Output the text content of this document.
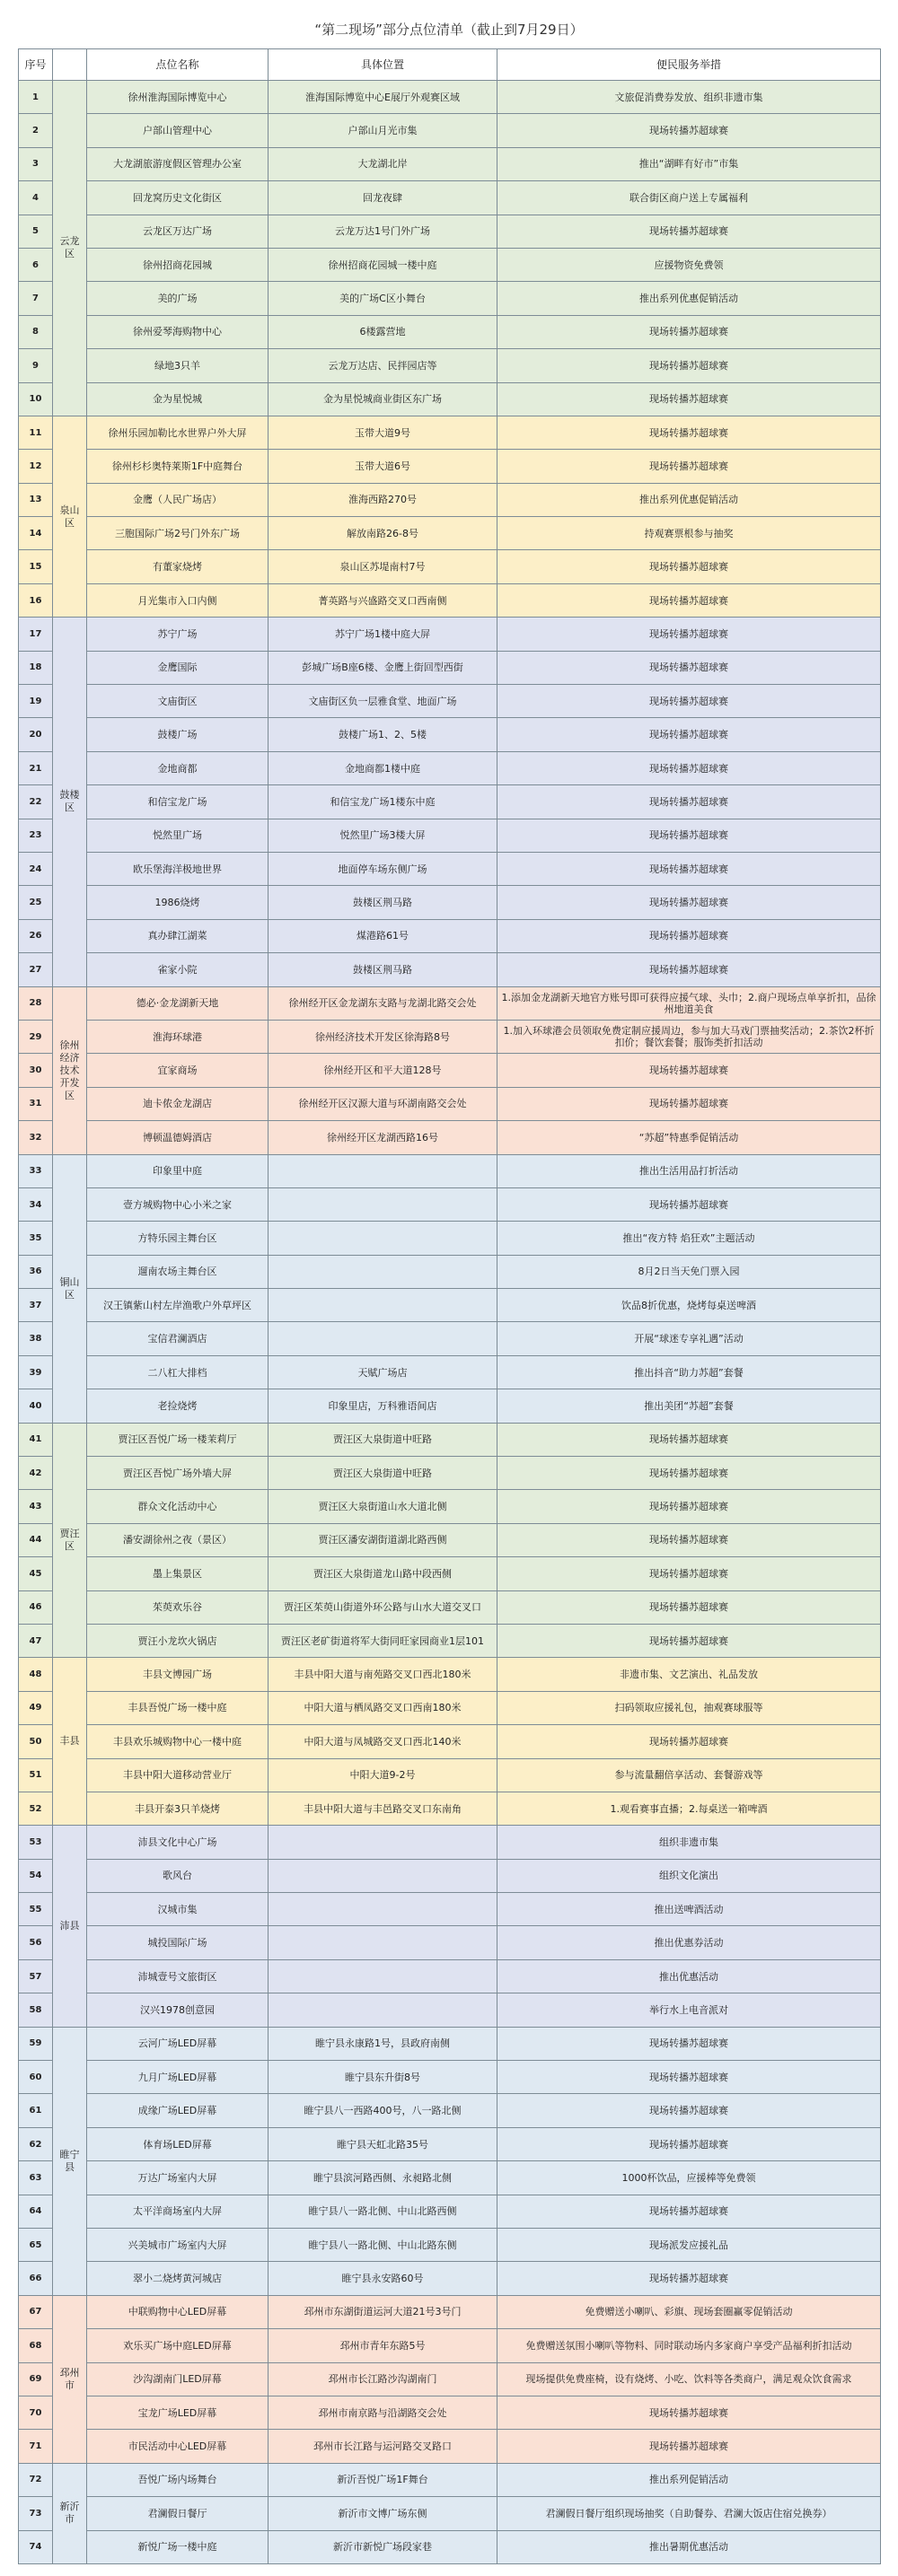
“第二现场”部分点位清单（截止到7月29日）
序号		点位名称	具体位置	便民服务举措
1	云龙区	徐州淮海国际博览中心	淮海国际博览中心E展厅外观赛区域	文旅促消费券发放、组织非遗市集
2		户部山管理中心	户部山月光市集	现场转播苏超球赛
3		大龙湖旅游度假区管理办公室	大龙湖北岸	推出“湖畔有好市”市集
4		回龙窝历史文化街区	回龙夜肆	联合街区商户送上专属福利
5		云龙区万达广场	云龙万达1号门外广场	现场转播苏超球赛
6		徐州招商花园城	徐州招商花园城一楼中庭	应援物资免费领
7		美的广场	美的广场C区小舞台	推出系列优惠促销活动
8		徐州爱琴海购物中心	6楼露营地	现场转播苏超球赛
9		绿地3只羊	云龙万达店、民拌园店等	现场转播苏超球赛
10		金为星悦城	金为星悦城商业街区东广场	现场转播苏超球赛
11	泉山区	徐州乐园加勒比水世界户外大屏	玉带大道9号	现场转播苏超球赛
12		徐州杉杉奥特莱斯1F中庭舞台	玉带大道6号	现场转播苏超球赛
13		金鹰（人民广场店）	淮海西路270号	推出系列优惠促销活动
14		三胞国际广场2号门外东广场	解放南路26-8号	持观赛票根参与抽奖
15		有董家烧烤	泉山区苏堤南村7号	现场转播苏超球赛
16		月光集市入口内侧	菁英路与兴盛路交叉口西南侧	现场转播苏超球赛
17	鼓楼区	苏宁广场	苏宁广场1楼中庭大屏	现场转播苏超球赛
18		金鹰国际	彭城广场B座6楼、金鹰上街回型西街	现场转播苏超球赛
19		文庙街区	文庙街区负一层雅食堂、地面广场	现场转播苏超球赛
20		鼓楼广场	鼓楼广场1、2、5楼	现场转播苏超球赛
21		金地商都	金地商都1楼中庭	现场转播苏超球赛
22		和信宝龙广场	和信宝龙广场1楼东中庭	现场转播苏超球赛
23		悦然里广场	悦然里广场3楼大屏	现场转播苏超球赛
24		欧乐堡海洋极地世界	地面停车场东侧广场	现场转播苏超球赛
25		1986烧烤	鼓楼区荆马路	现场转播苏超球赛
26		真办肆江湖菜	煤港路61号	现场转播苏超球赛
27		雀家小院	鼓楼区荆马路	现场转播苏超球赛
28	徐州经济技术开发区	德必·金龙湖新天地	徐州经开区金龙湖东支路与龙湖北路交会处	1.添加金龙湖新天地官方账号即可获得应援气球、头巾；2.商户现场点单享折扣，品徐州地道美食
29		淮海环球港	徐州经济技术开发区徐海路8号	1.加入环球港会员领取免费定制应援周边，参与加大马戏门票抽奖活动；2.茶饮2杯折扣价；餐饮套餐；服饰类折扣活动
30		宜家商场	徐州经开区和平大道128号	现场转播苏超球赛
31		迪卡侬金龙湖店	徐州经开区汉源大道与环湖南路交会处	现场转播苏超球赛
32		博顿温德姆酒店	徐州经开区龙湖西路16号	“苏超”特惠季促销活动
33	铜山区	印象里中庭		推出生活用品打折活动
34		壹方城购物中心小米之家		现场转播苏超球赛
35		方特乐园主舞台区		推出“夜方特 焰狂欢”主题活动
36		遛南农场主舞台区		8月2日当天免门票入园
37		汉王镇紫山村左岸渔歌户外草坪区		饮品8折优惠，烧烤每桌送啤酒
38		宝信君澜酒店		开展“球迷专享礼遇”活动
39		二八杠大排档	天赋广场店	推出抖音“助力苏超”套餐
40		老捡烧烤	印象里店，万科雅语间店	推出美团“苏超”套餐
41	贾汪区	贾汪区吾悦广场一楼茉莉厅	贾汪区大泉街道中旺路	现场转播苏超球赛
42		贾汪区吾悦广场外墙大屏	贾汪区大泉街道中旺路	现场转播苏超球赛
43		群众文化活动中心	贾汪区大泉街道山水大道北侧	现场转播苏超球赛
44		潘安湖徐州之夜（景区）	贾汪区潘安湖街道湖北路西侧	现场转播苏超球赛
45		墨上集景区	贾汪区大泉街道龙山路中段西侧	现场转播苏超球赛
46		茱萸欢乐谷	贾汪区茱萸山街道外环公路与山水大道交叉口	现场转播苏超球赛
47		贾汪小龙坎火锅店	贾汪区老矿街道将军大街同旺家园商业1层101	现场转播苏超球赛
48	丰县	丰县文博园广场	丰县中阳大道与南苑路交叉口西北180米	非遗市集、文艺演出、礼品发放
49		丰县吾悦广场一楼中庭	中阳大道与栖凤路交叉口西南180米	扫码领取应援礼包，抽观赛球服等
50		丰县欢乐城购物中心一楼中庭	中阳大道与凤城路交叉口西北140米	现场转播苏超球赛
51		丰县中阳大道移动营业厅	中阳大道9-2号	参与流量翻倍享活动、套餐游戏等
52		丰县开泰3只羊烧烤	丰县中阳大道与丰邑路交叉口东南角	1.观看赛事直播；2.每桌送一箱啤酒
53	沛县	沛县文化中心广场		组织非遗市集
54		歌风台		组织文化演出
55		汉城市集		推出送啤酒活动
56		城投国际广场		推出优惠券活动
57		沛城壹号文旅街区		推出优惠活动
58		汉兴1978创意园		举行水上电音派对
59	睢宁县	云河广场LED屏幕	睢宁县永康路1号，县政府南侧	现场转播苏超球赛
60		九月广场LED屏幕	睢宁县东升街8号	现场转播苏超球赛
61		成缘广场LED屏幕	睢宁县八一西路400号，八一路北侧	现场转播苏超球赛
62		体育场LED屏幕	睢宁县天虹北路35号	现场转播苏超球赛
63		万达广场室内大屏	睢宁县滨河路西侧、永昶路北侧	1000杯饮品，应援棒等免费领
64		太平洋商场室内大屏	睢宁县八一路北侧、中山北路西侧	现场转播苏超球赛
65		兴美城市广场室内大屏	睢宁县八一路北侧、中山北路东侧	现场派发应援礼品
66		翠小二烧烤黄河城店	睢宁县永安路60号	现场转播苏超球赛
67	邳州市	中联购物中心LED屏幕	邳州市东湖街道运河大道21号3号门	免费赠送小喇叭、彩旗、现场套圈赢零促销活动
68		欢乐买广场中庭LED屏幕	邳州市青年东路5号	免费赠送氛围小喇叭等物料、同时联动场内多家商户享受产品福利折扣活动
69		沙沟湖南门LED屏幕	邳州市长江路沙沟湖南门	现场提供免费座椅，设有烧烤、小吃、饮料等各类商户，满足观众饮食需求
70		宝龙广场LED屏幕	邳州市南京路与沿湖路交会处	现场转播苏超球赛
71		市民活动中心LED屏幕	邳州市长江路与运河路交叉路口	现场转播苏超球赛
72	新沂市	吾悦广场内场舞台	新沂吾悦广场1F舞台	推出系列促销活动
73		君澜假日餐厅	新沂市文博广场东侧	君澜假日餐厅组织现场抽奖（自助餐券、君澜大饭店住宿兑换券）
74		新悦广场一楼中庭	新沂市新悦广场段家巷	推出暑期优惠活动
